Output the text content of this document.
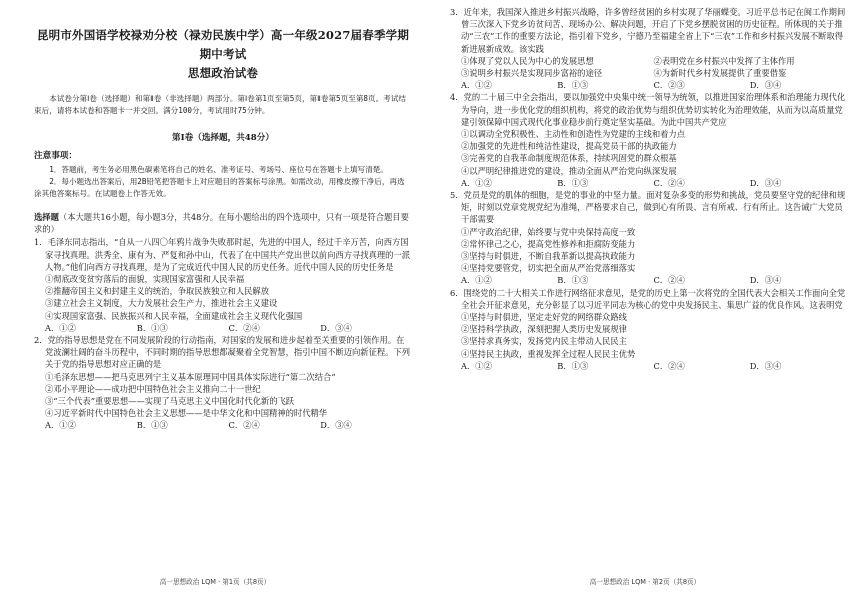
昆明市外国语学校禄劝分校（禄劝民族中学）高一年级2027届春季学期期中考试
思想政治试卷

本试卷分第Ⅰ卷（选择题）和第Ⅱ卷（非选择题）两部分。第Ⅰ卷第1页至第5页，第Ⅱ卷第5页至第8页。考试结束后，请将本试卷和答题卡一并交回。满分100分，考试用时75分钟。

第Ⅰ卷（选择题，共48分）
注意事项：

1．答题前，考生务必用黑色碳素笔将自己的姓名、准考证号、考场号、座位号在答题卡上填写清楚。

2．每小题选出答案后，用2B铅笔把答题卡上对应题目的答案标号涂黑。如需改动，用橡皮擦干净后，再选涂其他答案标号。在试题卷上作答无效。

选择题（本大题共16小题，每小题3分，共48分。在每小题给出的四个选项中，只有一项是符合题目要求的）

1．毛泽东同志指出，“自从一八四〇年鸦片战争失败那时起，先进的中国人，经过千辛万苦，向西方国家寻找真理。洪秀全、康有为、严复和孙中山，代表了在中国共产党出世以前向西方寻找真理的一派人物。”他们向西方寻找真理，是为了完成近代中国人民的历史任务。近代中国人民的历史任务是

①彻底改变贫穷落后的面貌，实现国家富强和人民幸福

②推翻帝国主义和封建主义的统治，争取民族独立和人民解放

③建立社会主义制度，大力发展社会生产力，推进社会主义建设

④实现国家富强、民族振兴和人民幸福，全面建成社会主义现代化强国

A．①②	B．①③	C．②④	D．③④

2．党的指导思想是党在不同发展阶段的行动指南，对国家的发展和进步起着至关重要的引领作用。在党波澜壮阔的奋斗历程中，不同时期的指导思想都凝聚着全党智慧，指引中国不断迈向新征程。下列关于党的指导思想对应正确的是

①毛泽东思想——把马克思列宁主义基本原理同中国具体实际进行“第二次结合”

②邓小平理论——成功把中国特色社会主义推向二十一世纪

③“三个代表”重要思想——实现了马克思主义中国化时代化新的飞跃

④习近平新时代中国特色社会主义思想——是中华文化和中国精神的时代精华

A．①②	B．①③	C．②④	D．③④

高一思想政治 LQM · 第1页（共8页）

3．近年来，我国深入推进乡村振兴战略，许多曾经贫困的乡村实现了华丽蝶变。习近平总书记在闽工作期间曾三次深入下党乡访贫问苦、现场办公、解决问题，开启了下党乡摆脱贫困的历史征程。所体现的关于推动“三农”工作的重要方法论，指引着下党乡，宁德乃至福建全省上下“三农”工作和乡村振兴发展不断取得新进展新成效。该实践

①体现了党以人民为中心的发展思想	②表明党在乡村振兴中发挥了主体作用

③说明乡村振兴是实现同步富裕的途径	④为新时代乡村发展提供了重要借鉴

A．①②	B．①③	C．②③	D．③④

4．党的二十届三中全会指出，要以加强党中央集中统一领导为统领，以推进国家治理体系和治理能力现代化为导向，进一步优化党的组织机构，将党的政治优势与组织优势切实转化为治理效能，从而为以高质量党建引领保障中国式现代化事业稳步前行奠定坚实基础。为此中国共产党应

①以调动全党积极性、主动性和创造性为党建的主线和着力点

②加强党的先进性和纯洁性建设，提高党员干部的执政能力

③完善党的自我革命制度规范体系，持续巩固党的群众根基

④以严明纪律推进党的建设，推动全面从严治党向纵深发展

A．①②	B．①③	C．②④	D．③④

5．党员是党的肌体的细胞，是党的事业的中坚力量。面对复杂多变的形势和挑战，党员要坚守党的纪律和规矩，时刻以党章党规党纪为准绳，严格要求自己，做到心有所畏、言有所戒、行有所止。这告诫广大党员干部需要

①严守政治纪律，始终要与党中央保持高度一致

②常怀律己之心，提高党性修养和拒腐防变能力

③坚持与时俱进，不断自我革新以提高执政能力

④坚持党要管党，切实把全面从严治党落细落实

A．①②	B．①③	C．②④	D．③④

6．围绕党的二十大相关工作进行网络征求意见，是党的历史上第一次将党的全国代表大会相关工作面向全党全社会开征求意见，充分彰显了以习近平同志为核心的党中央发扬民主、集思广益的优良作风。这表明党

①坚持与时俱进，坚定走好党的网络群众路线

②坚持科学执政，深刻把握人类历史发展规律

③坚持求真务实，发扬党内民主带动人民民主

④坚持民主执政，重视发挥全过程人民民主优势

A．①②	B．①③	C．②④	D．③④

高一思想政治 LQM · 第2页（共8页）
